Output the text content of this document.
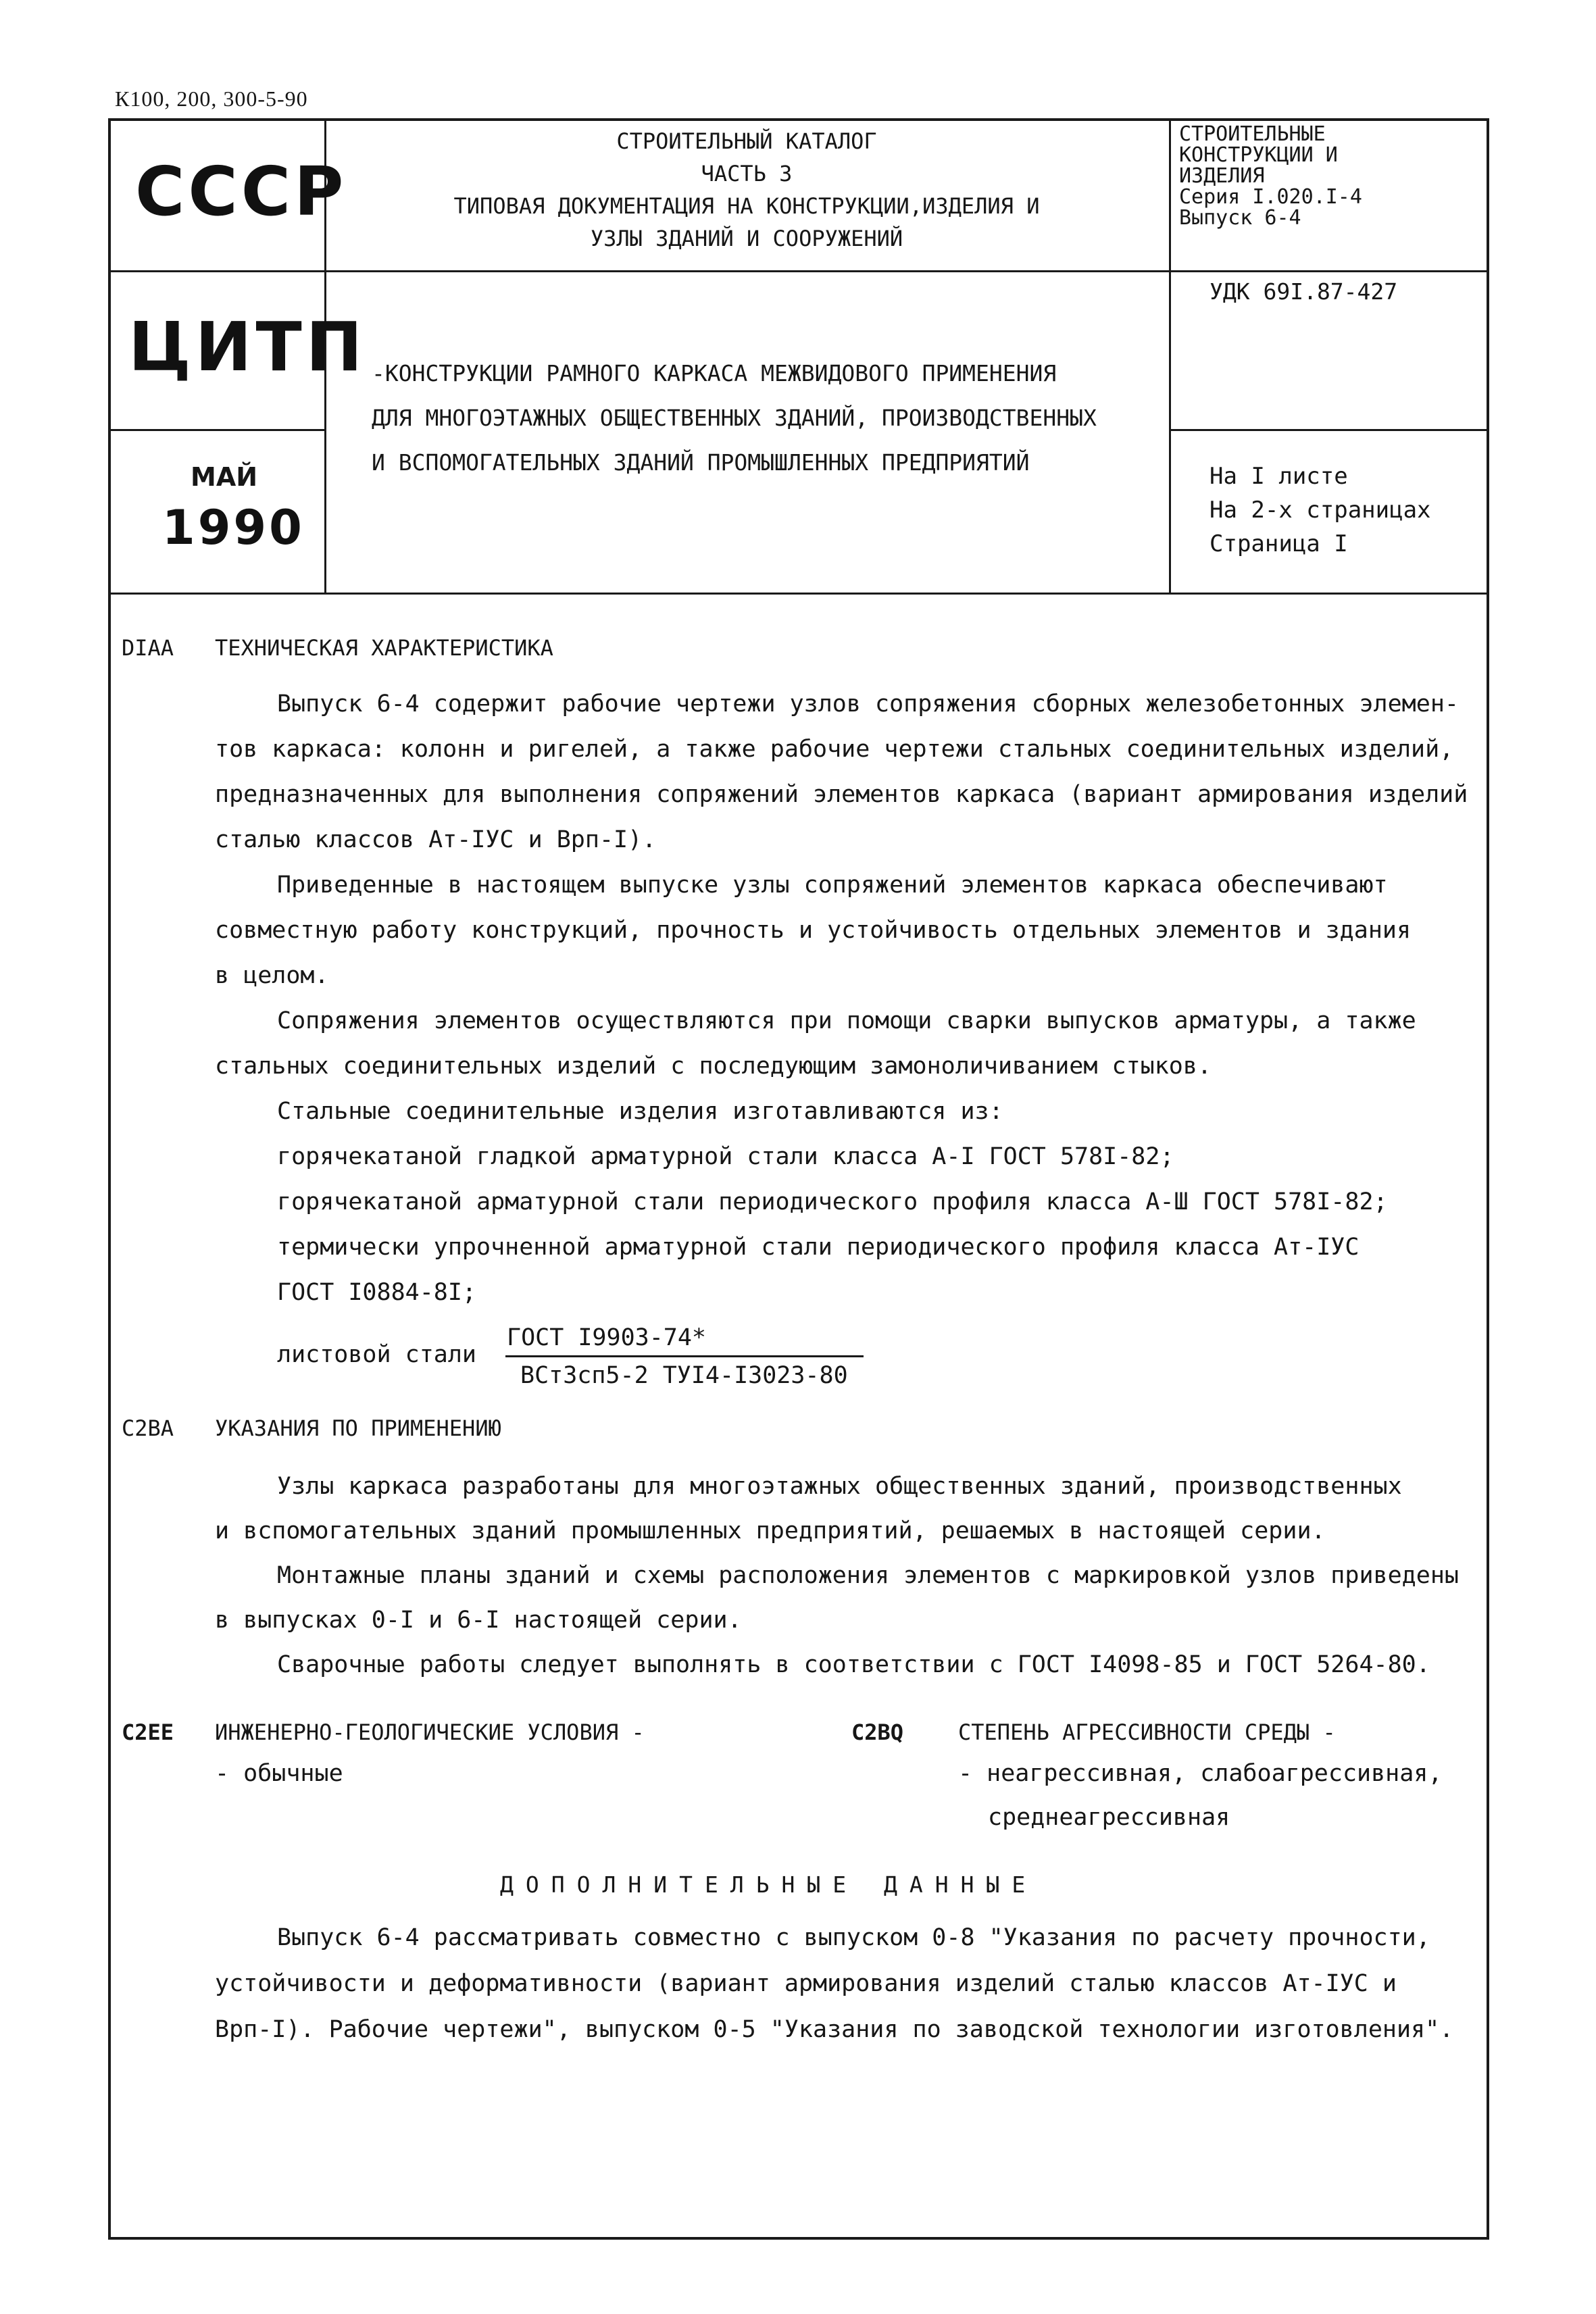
К100, 200, 300-5-90
СССР
ЦИТП
МАЙ
1990
СТРОИТЕЛЬНЫЙ КАТАЛОГ
ЧАСТЬ 3
ТИПОВАЯ ДОКУМЕНТАЦИЯ НА КОНСТРУКЦИИ,ИЗДЕЛИЯ И
УЗЛЫ ЗДАНИЙ И СООРУЖЕНИЙ
-КОНСТРУКЦИИ РАМНОГО КАРКАСА МЕЖВИДОВОГО ПРИМЕНЕНИЯ
ДЛЯ МНОГОЭТАЖНЫХ ОБЩЕСТВЕННЫХ ЗДАНИЙ, ПРОИЗВОДСТВЕННЫХ
И ВСПОМОГАТЕЛЬНЫХ ЗДАНИЙ ПРОМЫШЛЕННЫХ ПРЕДПРИЯТИЙ
СТРОИТЕЛЬНЫЕ
КОНСТРУКЦИИ И
ИЗДЕЛИЯ
Серия I.020.I-4
Выпуск 6-4
УДК 69I.87-427
На I листе
На 2-х страницах
Страница I
DIAA ТЕХНИЧЕСКАЯ ХАРАКТЕРИСТИКА
Выпуск 6-4 содержит рабочие чертежи узлов сопряжения сборных железобетонных элемен-
тов каркаса: колонн и ригелей, а также рабочие чертежи стальных соединительных изделий,
предназначенных для выполнения сопряжений элементов каркаса (вариант армирования изделий
сталью классов Ат-IУС и Врп-I).
Приведенные в настоящем выпуске узлы сопряжений элементов каркаса обеспечивают
совместную работу конструкций, прочность и устойчивость отдельных элементов и здания
в целом.
Сопряжения элементов осуществляются при помощи сварки выпусков арматуры, а также
стальных соединительных изделий с последующим замоноличиванием стыков.
Стальные соединительные изделия изготавливаются из:
горячекатаной гладкой арматурной стали класса А-I ГОСТ 578I-82;
горячекатаной арматурной стали периодического профиля класса А-Ш ГОСТ 578I-82;
термически упрочненной арматурной стали периодического профиля класса Ат-IУС
ГОСТ I0884-8I;
листовой стали
ГОСТ I9903-74*
ВСт3сп5-2 ТУI4-I3023-80
С2ВА УКАЗАНИЯ ПО ПРИМЕНЕНИЮ
Узлы каркаса разработаны для многоэтажных общественных зданий, производственных
и вспомогательных зданий промышленных предприятий, решаемых в настоящей серии.
Монтажные планы зданий и схемы расположения элементов с маркировкой узлов приведены
в выпусках 0-I и 6-I настоящей серии.
Сварочные работы следует выполнять в соответствии с ГОСТ I4098-85 и ГОСТ 5264-80.
С2ЕЕ ИНЖЕНЕРНО-ГЕОЛОГИЧЕСКИЕ УСЛОВИЯ -
- обычные
С2ВQ	СТЕПЕНЬ АГРЕССИВНОСТИ СРЕДЫ -
- неагрессивная, слабоагрессивная,
среднеагрессивная
ДОПОЛНИТЕЛЬНЫЕ ДАННЫЕ
Выпуск 6-4 рассматривать совместно с выпуском 0-8 "Указания по расчету прочности,
устойчивости и деформативности (вариант армирования изделий сталью классов Ат-IУС и
Врп-I). Рабочие чертежи", выпуском 0-5 "Указания по заводской технологии изготовления".
